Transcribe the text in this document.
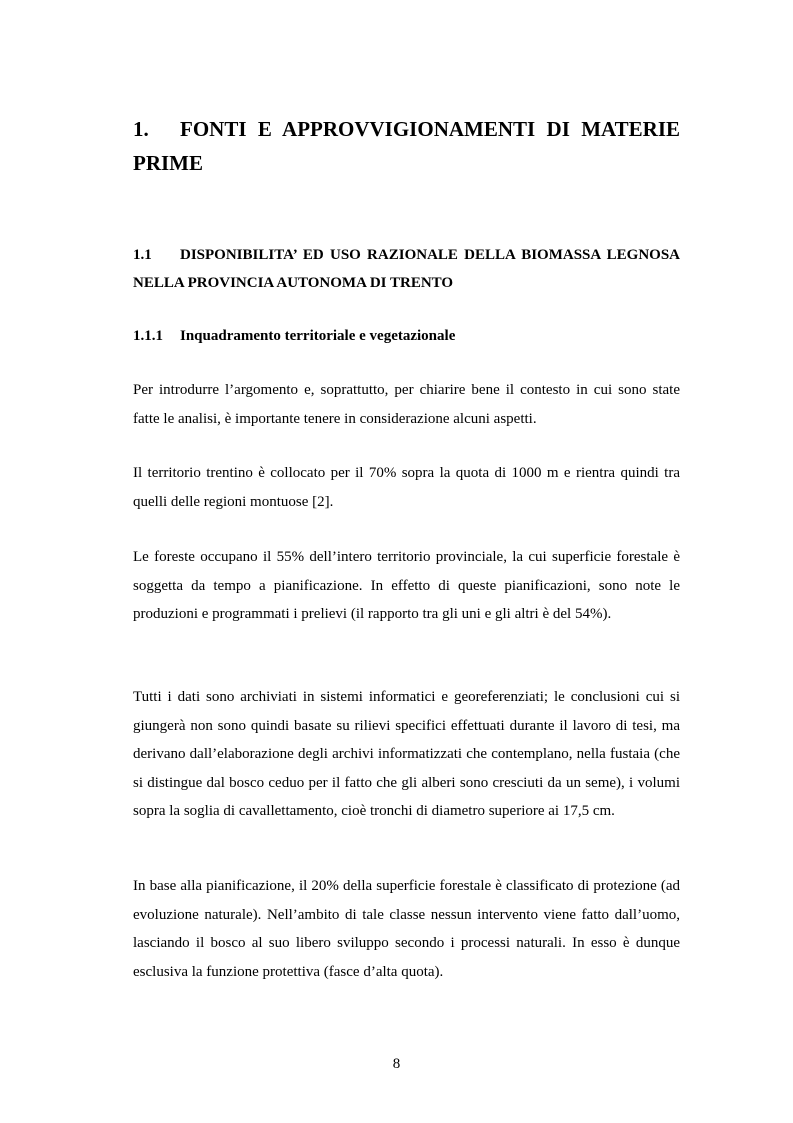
1. FONTI E APPROVVIGIONAMENTI DI MATERIE PRIME
1.1 DISPONIBILITA’ ED USO RAZIONALE DELLA BIOMASSA LEGNOSA NELLA PROVINCIA AUTONOMA DI TRENTO
1.1.1 Inquadramento territoriale e vegetazionale

Per introdurre l’argomento e, soprattutto, per chiarire bene il contesto in cui sono state fatte le analisi, è importante tenere in considerazione alcuni aspetti.

Il territorio trentino è collocato per il 70% sopra la quota di 1000 m e rientra quindi tra quelli delle regioni montuose [2].

Le foreste occupano il 55% dell’intero territorio provinciale, la cui superficie forestale è soggetta da tempo a pianificazione. In effetto di queste pianificazioni, sono note le produzioni e programmati i prelievi (il rapporto tra gli uni e gli altri è del 54%).

Tutti i dati sono archiviati in sistemi informatici e georeferenziati; le conclusioni cui si giungerà non sono quindi basate su rilievi specifici effettuati durante il lavoro di tesi, ma derivano dall’elaborazione degli archivi informatizzati che contemplano, nella fustaia (che si distingue dal bosco ceduo per il fatto che gli alberi sono cresciuti da un seme), i volumi sopra la soglia di cavallettamento, cioè tronchi di diametro superiore ai 17,5 cm.

In base alla pianificazione, il 20% della superficie forestale è classificato di protezione (ad evoluzione naturale). Nell’ambito di tale classe nessun intervento viene fatto dall’uomo, lasciando il bosco al suo libero sviluppo secondo i processi naturali. In esso è dunque esclusiva la funzione protettiva (fasce d’alta quota).

8
